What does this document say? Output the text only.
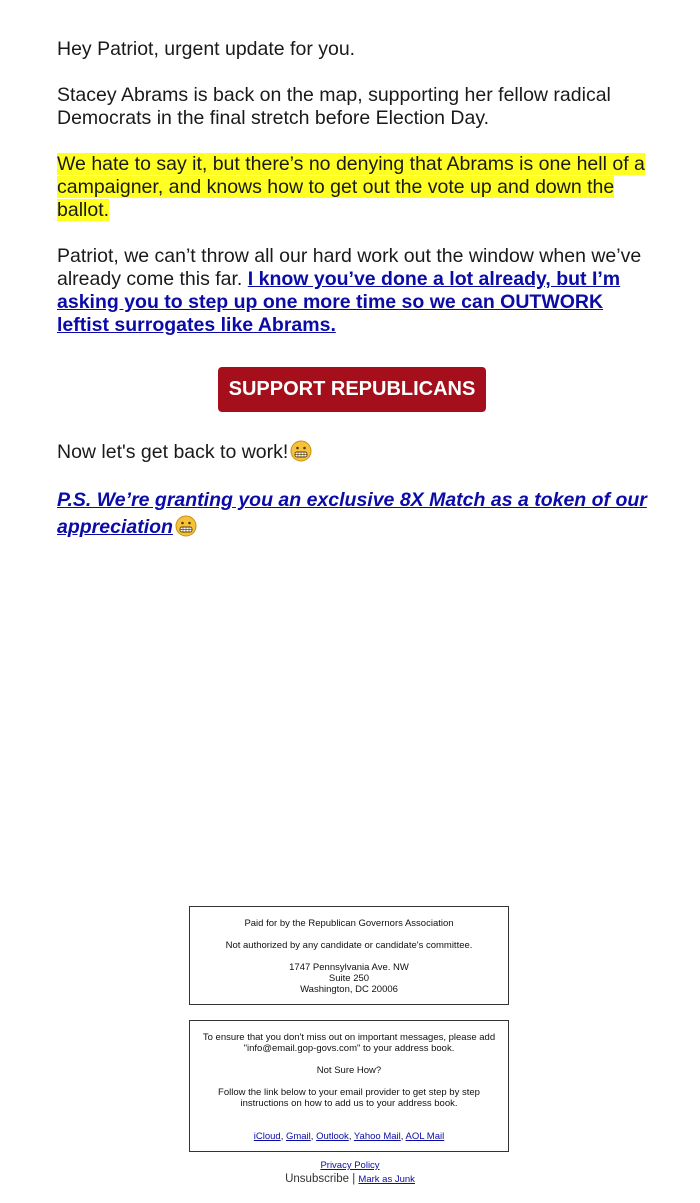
Hey Patriot, urgent update for you.

Stacey Abrams is back on the map, supporting her fellow radical Democrats in the final stretch before Election Day.

We hate to say it, but there’s no denying that Abrams is one hell of a campaigner, and knows how to get out the vote up and down the ballot.

Patriot, we can’t throw all our hard work out the window when we’ve already come this far. I know you’ve done a lot already, but I’m asking you to step up one more time so we can OUTWORK leftist surrogates like Abrams.

SUPPORT REPUBLICANS

Now let's get back to work!

P.S. We’re granting you an exclusive 8X Match as a token of our appreciation

Paid for by the Republican Governors Association

Not authorized by any candidate or candidate's committee.

1747 Pennsylvania Ave. NW

Suite 250

Washington, DC 20006

To ensure that you don't miss out on important messages, please add "info@email.gop-govs.com" to your address book.

Not Sure How?

Follow the link below to your email provider to get step by step instructions on how to add us to your address book.

iCloud, Gmail, Outlook, Yahoo Mail, AOL Mail

Privacy Policy
Unsubscribe | Mark as Junk
